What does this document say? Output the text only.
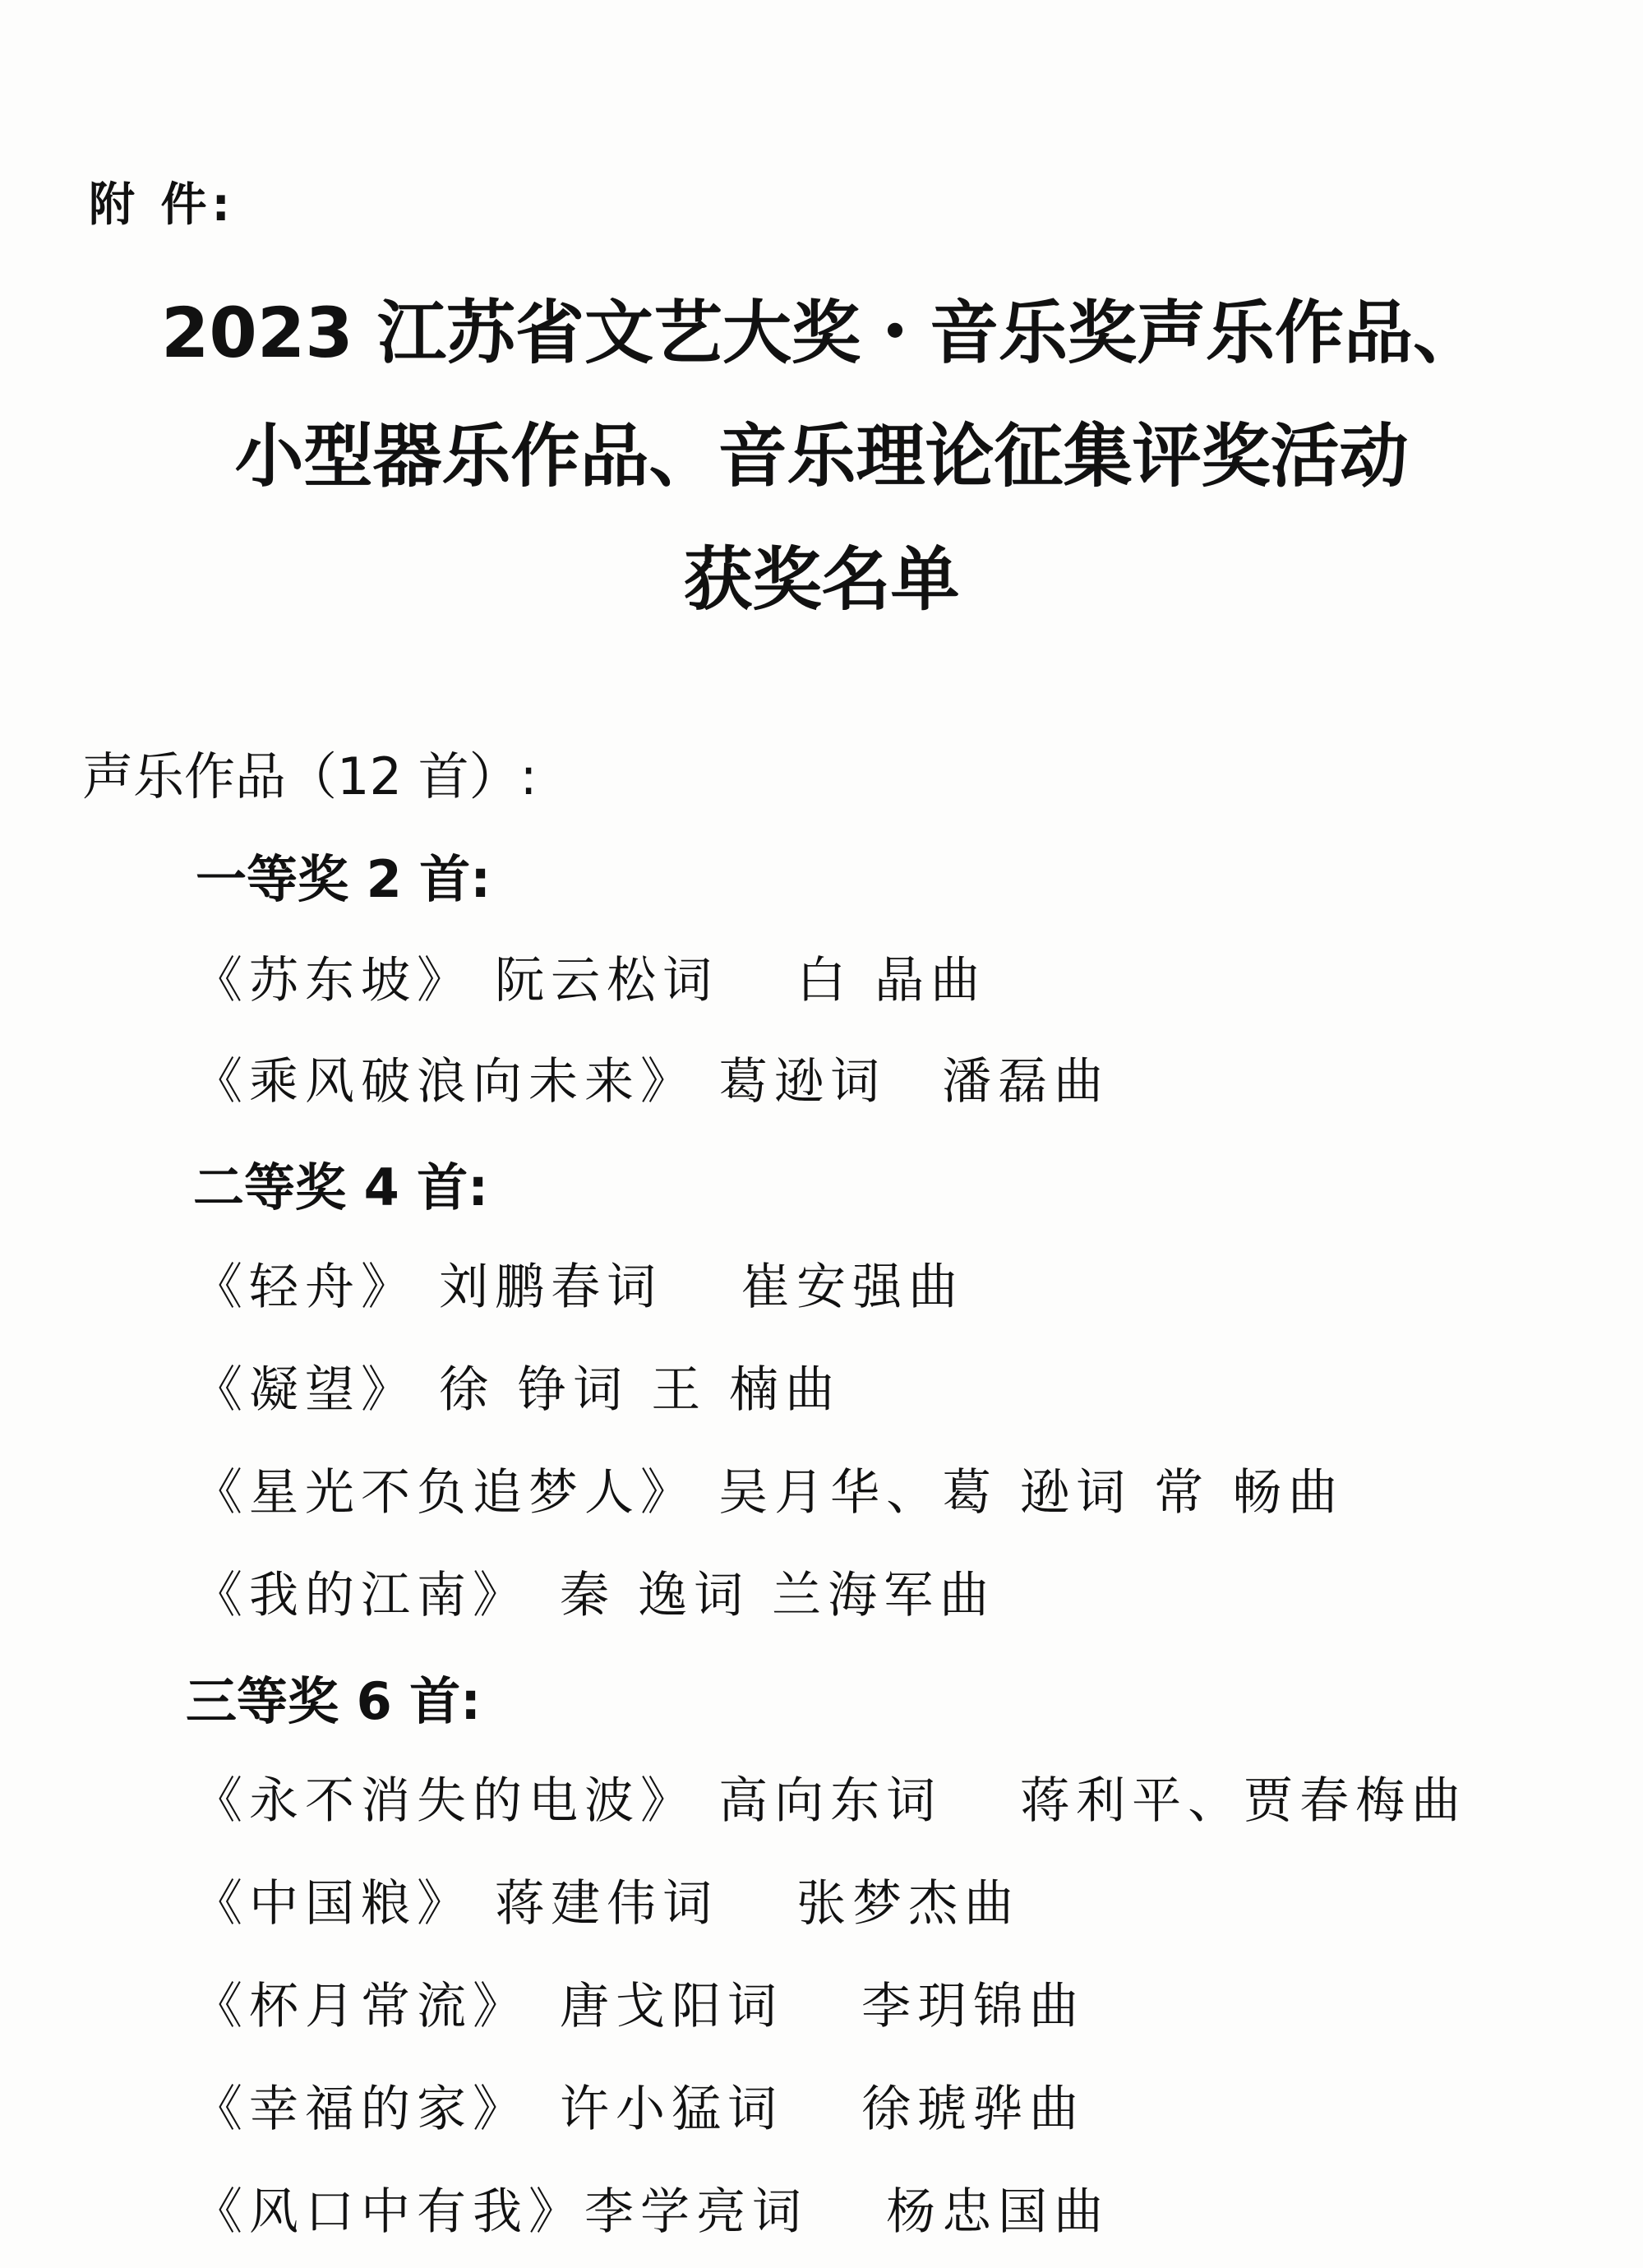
附 件:
2023 江苏省文艺大奖・音乐奖声乐作品、
小型器乐作品、音乐理论征集评奖活动
获奖名单
声乐作品（12 首）:
一等奖 2 首:
《苏东坡》 阮云松词　 白 晶曲
《乘风破浪向未来》 葛逊词　潘磊曲
二等奖 4 首:
《轻舟》 刘鹏春词　 崔安强曲
《凝望》 徐 铮词 王 楠曲
《星光不负追梦人》 吴月华、葛 逊词 常 畅曲
《我的江南》　秦 逸词 兰海军曲
三等奖 6 首:
《永不消失的电波》 高向东词　 蒋利平、贾春梅曲
《中国粮》 蒋建伟词　 张梦杰曲
《杯月常流》　唐戈阳词　 李玥锦曲
《幸福的家》　许小猛词　 徐琥骅曲
《风口中有我》李学亮词　 杨忠国曲
